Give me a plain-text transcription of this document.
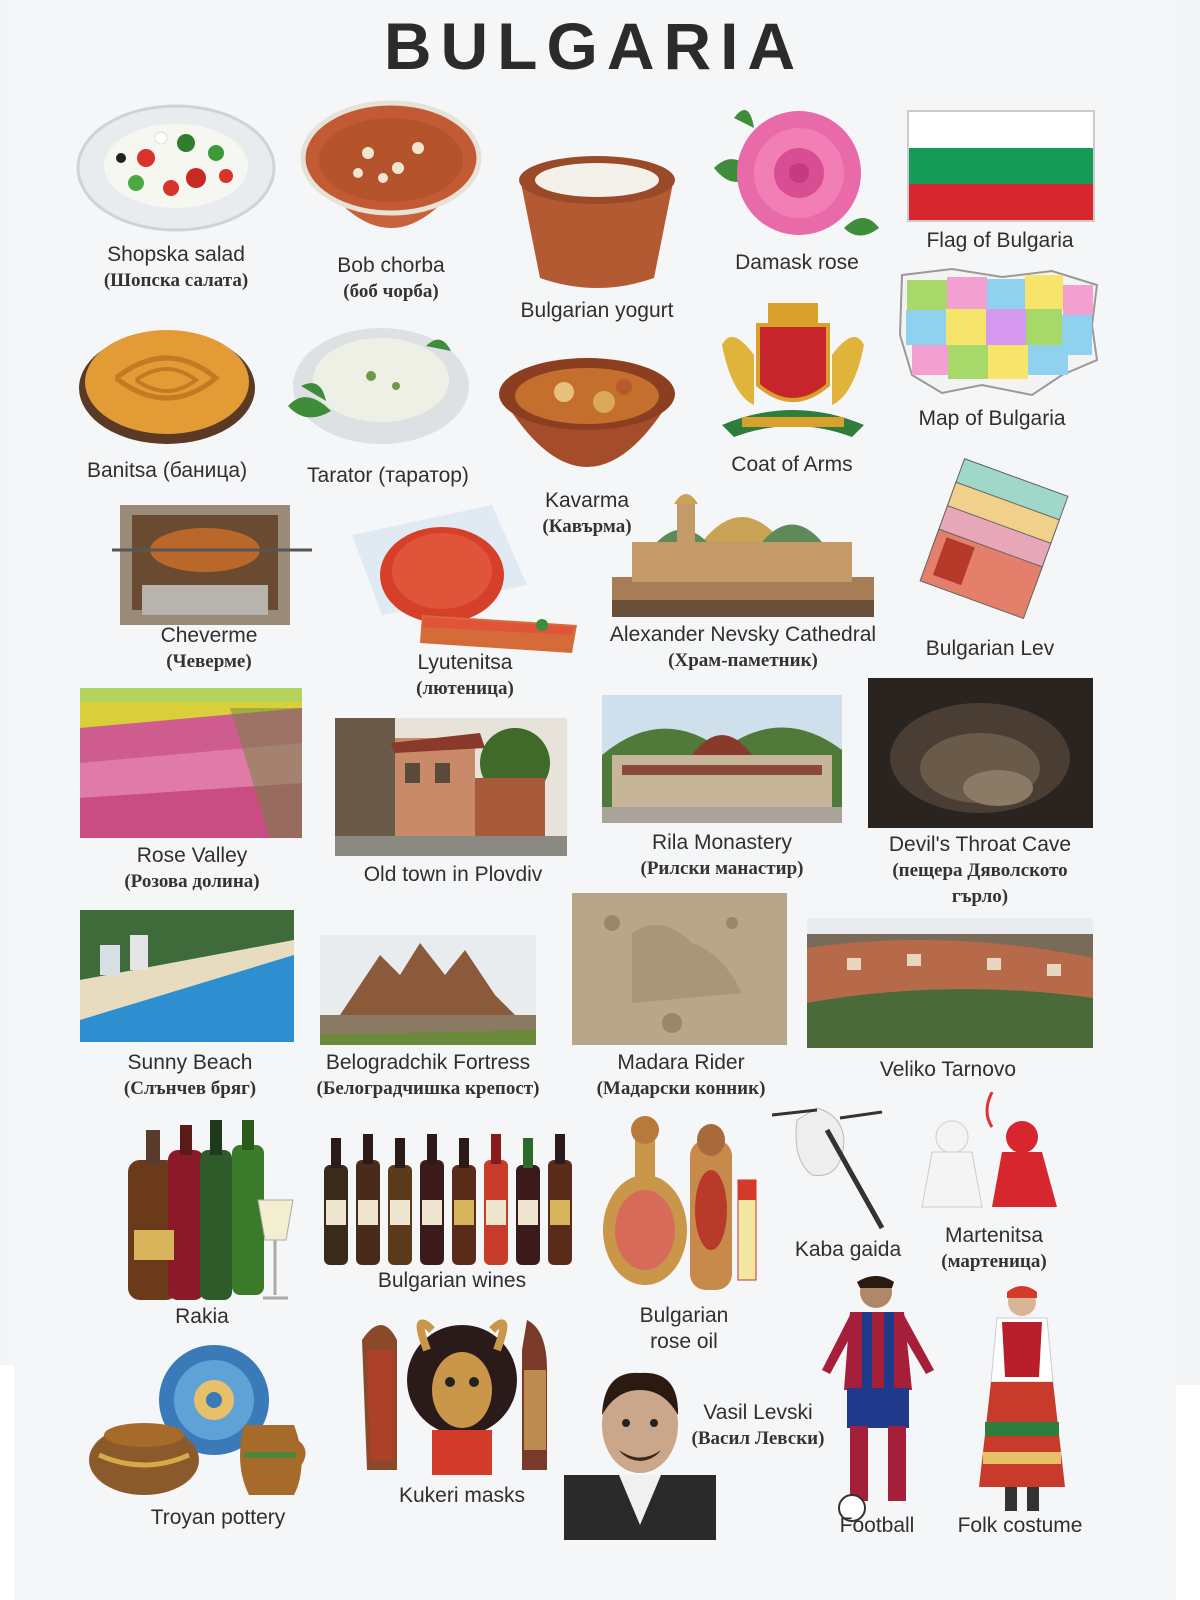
BULGARIA
Shopska salad
(Шопска салата)
Bob chorba
(боб чорба)
Bulgarian yogurt
Damask rose
Flag of Bulgaria
Banitsa (баница)	Tarator (таратор)
Kavarma
(Кавърма)
Coat of Arms
Map of Bulgaria
Cheverme
(Чеверме)	Lyutenitsa
(лютеница)
Alexander Nevsky Cathedral
(Храм-паметник)
Bulgarian Lev
Rose Valley
(Розова долина)	Old town in Plovdiv
Rila Monastery
(Рилски манастир)
Devil's Throat Cave
(пещера Дяволското
гърло)
Sunny Beach
(Слънчев бряг)
Belogradchik Fortress
(Белоградчишка крепост)
Madara Rider
(Мадарски конник)
Veliko Tarnovo
Rakia
Bulgarian wines
Bulgarian
rose oil
Kaba gaida
Martenitsa
(мартеница)
Troyan pottery
Kukeri masks
Vasil Levski
(Васил Левски)
Football	Folk costume
